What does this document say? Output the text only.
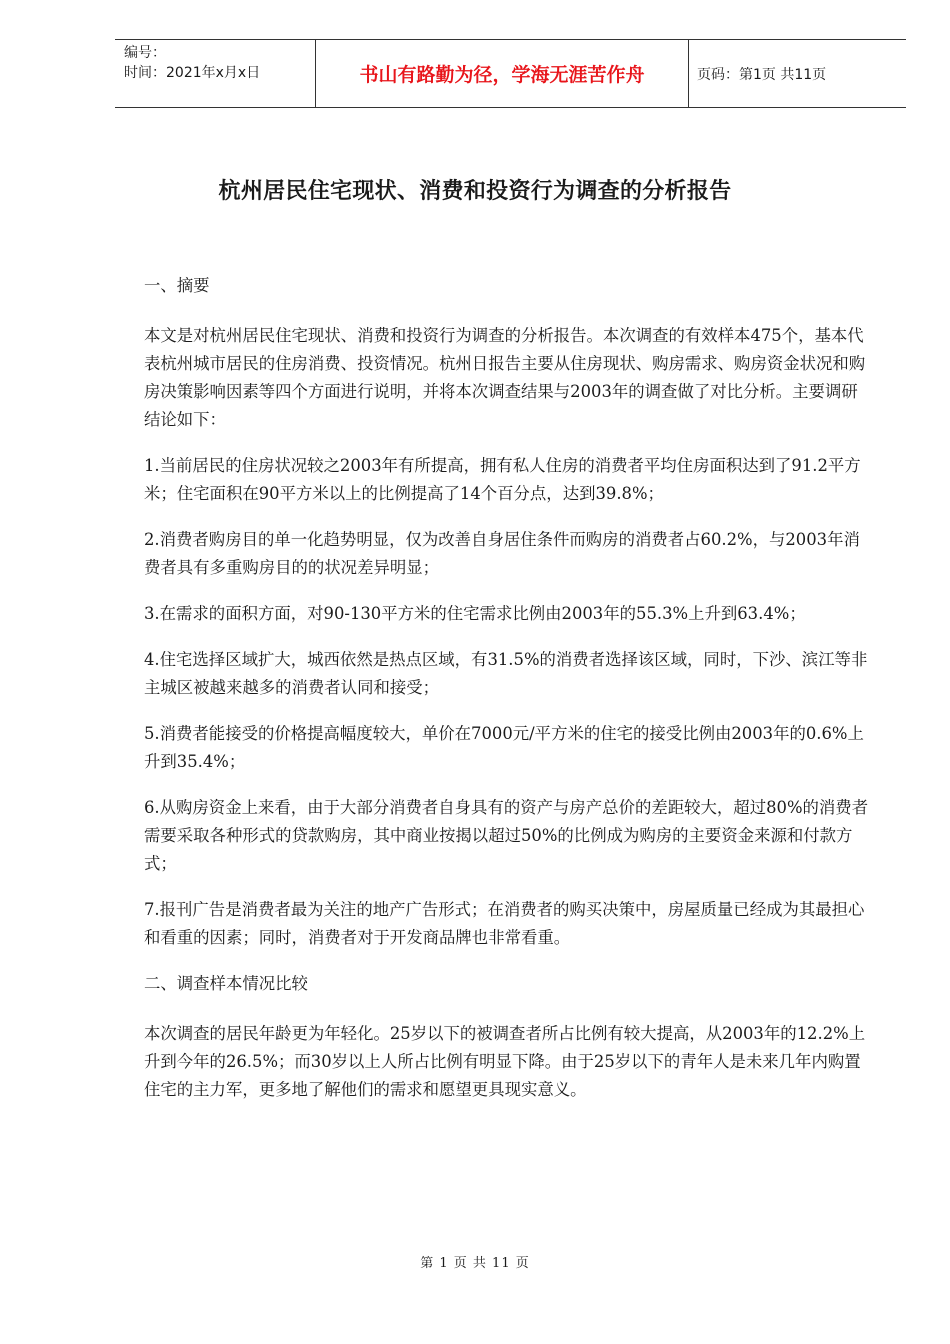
编号：
时间：2021年x月x日	书山有路勤为径，学海无涯苦作舟	页码：第1页 共11页
杭州居民住宅现状、消费和投资行为调查的分析报告

一、摘要

本文是对杭州居民住宅现状、消费和投资行为调查的分析报告。本次调查的有效样本475个，基本代表杭州城市居民的住房消费、投资情况。杭州日报告主要从住房现状、购房需求、购房资金状况和购房决策影响因素等四个方面进行说明，并将本次调查结果与2003年的调查做了对比分析。主要调研结论如下：

1.当前居民的住房状况较之2003年有所提高，拥有私人住房的消费者平均住房面积达到了91.2平方米；住宅面积在90平方米以上的比例提高了14个百分点，达到39.8%；

2.消费者购房目的单一化趋势明显，仅为改善自身居住条件而购房的消费者占60.2%，与2003年消费者具有多重购房目的的状况差异明显；

3.在需求的面积方面，对90-130平方米的住宅需求比例由2003年的55.3%上升到63.4%；

4.住宅选择区域扩大，城西依然是热点区域，有31.5%的消费者选择该区域，同时，下沙、滨江等非主城区被越来越多的消费者认同和接受；

5.消费者能接受的价格提高幅度较大，单价在7000元/平方米的住宅的接受比例由2003年的0.6%上升到35.4%；

6.从购房资金上来看，由于大部分消费者自身具有的资产与房产总价的差距较大，超过80%的消费者需要采取各种形式的贷款购房，其中商业按揭以超过50%的比例成为购房的主要资金来源和付款方式；

7.报刊广告是消费者最为关注的地产广告形式；在消费者的购买决策中，房屋质量已经成为其最担心和看重的因素；同时，消费者对于开发商品牌也非常看重。

二、调查样本情况比较

本次调查的居民年龄更为年轻化。25岁以下的被调查者所占比例有较大提高，从2003年的12.2%上升到今年的26.5%；而30岁以上人所占比例有明显下降。由于25岁以下的青年人是未来几年内购置住宅的主力军，更多地了解他们的需求和愿望更具现实意义。

第 1 页 共 11 页
